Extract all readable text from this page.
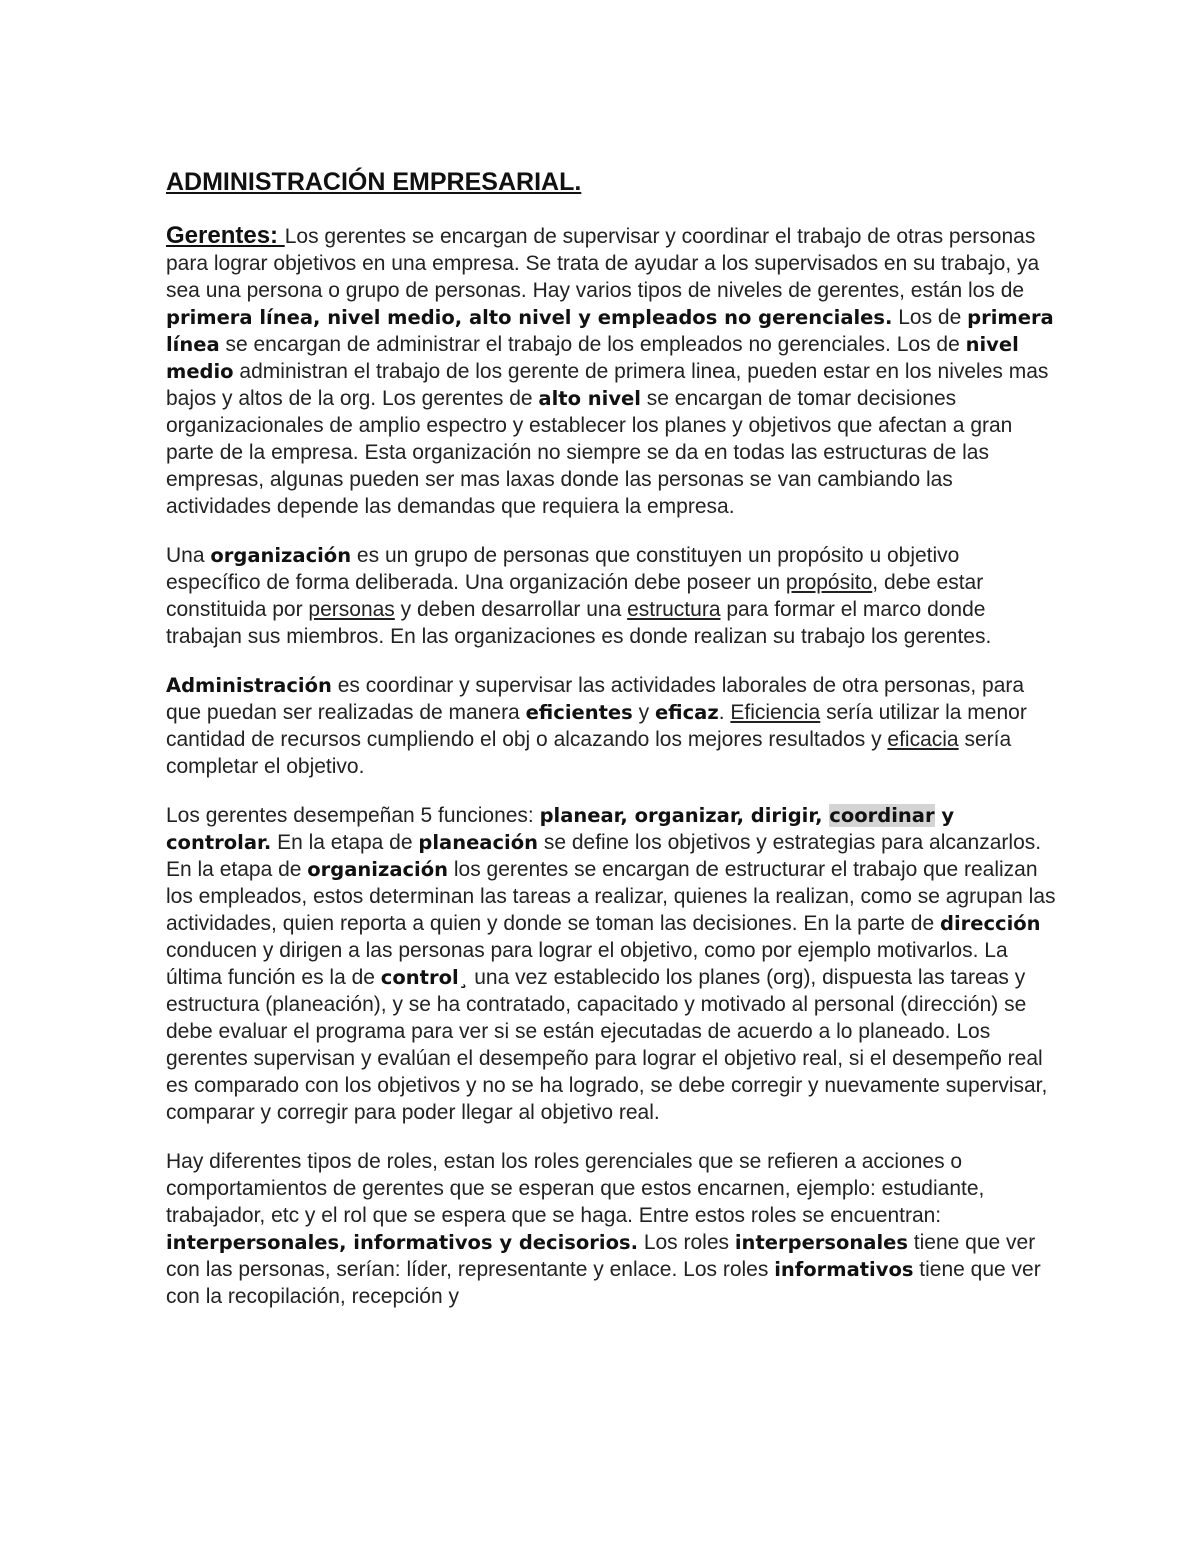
ADMINISTRACIÓN EMPRESARIAL.

Gerentes: Los gerentes se encargan de supervisar y coordinar el trabajo de otras personas para lograr objetivos en una empresa. Se trata de ayudar a los supervisados en su trabajo, ya sea una persona o grupo de personas. Hay varios tipos de niveles de gerentes, están los de primera línea, nivel medio, alto nivel y empleados no gerenciales. Los de primera línea se encargan de administrar el trabajo de los empleados no gerenciales. Los de nivel medio administran el trabajo de los gerente de primera linea, pueden estar en los niveles mas bajos y altos de la org. Los gerentes de alto nivel se encargan de tomar decisiones organizacionales de amplio espectro y establecer los planes y objetivos que afectan a gran parte de la empresa. Esta organización no siempre se da en todas las estructuras de las empresas, algunas pueden ser mas laxas donde las personas se van cambiando las actividades depende las demandas que requiera la empresa.

Una organización es un grupo de personas que constituyen un propósito u objetivo específico de forma deliberada. Una organización debe poseer un propósito, debe estar constituida por personas y deben desarrollar una estructura para formar el marco donde trabajan sus miembros. En las organizaciones es donde realizan su trabajo los gerentes.

Administración es coordinar y supervisar las actividades laborales de otra personas, para que puedan ser realizadas de manera eficientes y eficaz. Eficiencia sería utilizar la menor cantidad de recursos cumpliendo el obj o alcazando los mejores resultados y eficacia sería completar el objetivo.

Los gerentes desempeñan 5 funciones: planear, organizar, dirigir, coordinar y controlar. En la etapa de planeación se define los objetivos y estrategias para alcanzarlos. En la etapa de organización los gerentes se encargan de estructurar el trabajo que realizan los empleados, estos determinan las tareas a realizar, quienes la realizan, como se agrupan las actividades, quien reporta a quien y donde se toman las decisiones. En la parte de dirección conducen y dirigen a las personas para lograr el objetivo, como por ejemplo motivarlos. La última función es la de control¸ una vez establecido los planes (org), dispuesta las tareas y estructura (planeación), y se ha contratado, capacitado y motivado al personal (dirección) se debe evaluar el programa para ver si se están ejecutadas de acuerdo a lo planeado. Los gerentes supervisan y evalúan el desempeño para lograr el objetivo real, si el desempeño real es comparado con los objetivos y no se ha logrado, se debe corregir y nuevamente supervisar, comparar y corregir para poder llegar al objetivo real.

Hay diferentes tipos de roles, estan los roles gerenciales que se refieren a acciones o comportamientos de gerentes que se esperan que estos encarnen, ejemplo: estudiante, trabajador, etc y el rol que se espera que se haga. Entre estos roles se encuentran: interpersonales, informativos y decisorios. Los roles interpersonales tiene que ver con las personas, serían: líder, representante y enlace. Los roles informativos tiene que ver con la recopilación, recepción y
